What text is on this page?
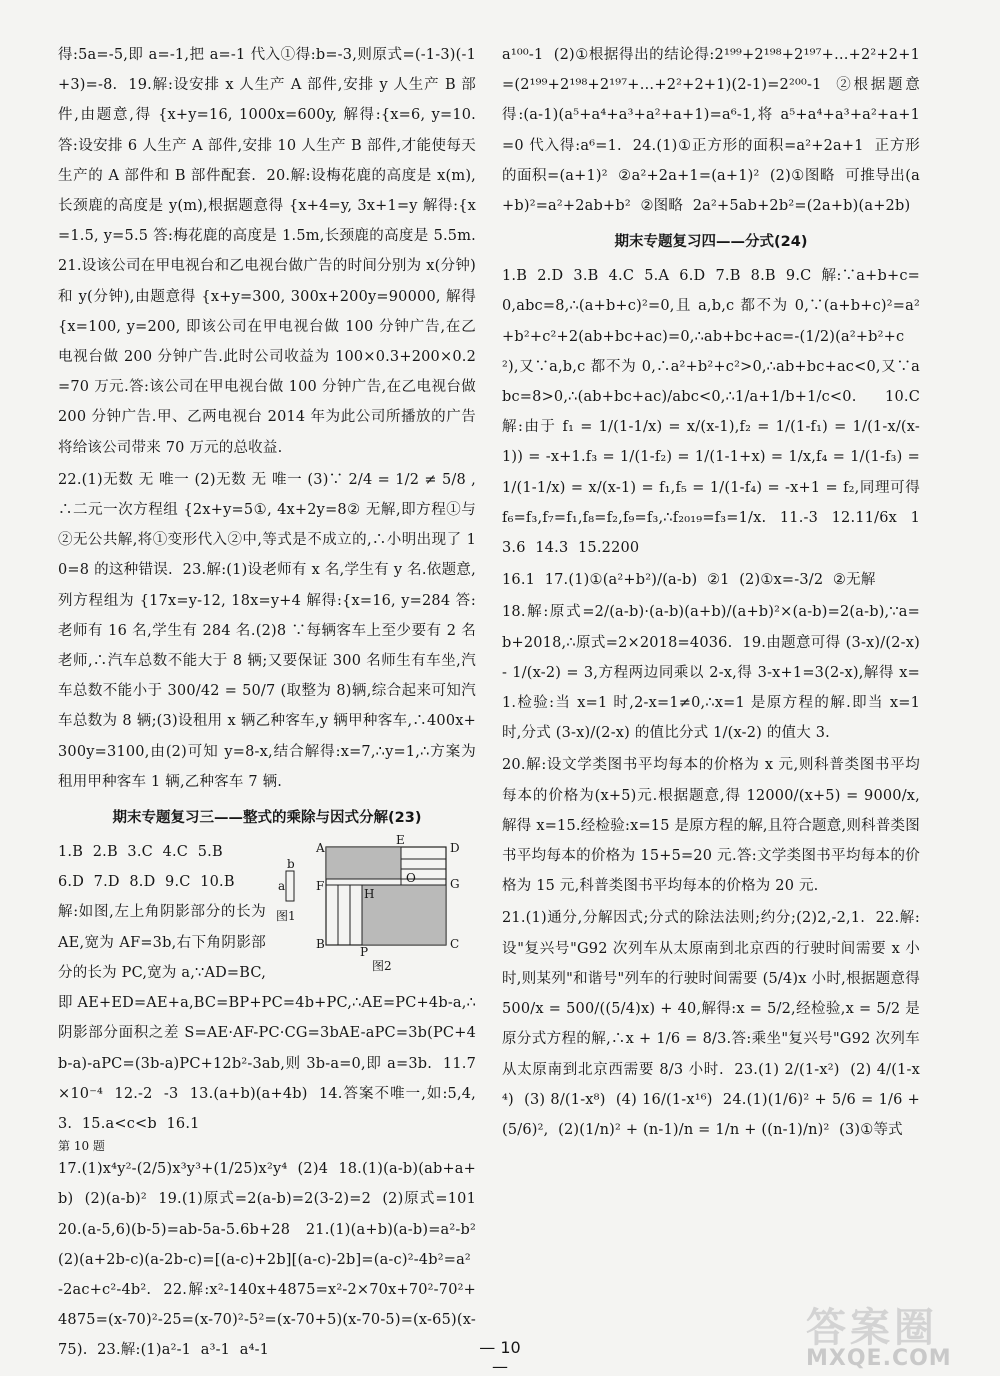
得:5a=-5,即 a=-1,把 a=-1 代入①得:b=-3,则原式=(-1-3)(-1+3)=-8.  19.解:设安排 x 人生产 A 部件,安排 y 人生产 B 部件,由题意,得 {x+y=16, 1000x=600y, 解得:{x=6, y=10. 答:设安排 6 人生产 A 部件,安排 10 人生产 B 部件,才能使每天生产的 A 部件和 B 部件配套.  20.解:设梅花鹿的高度是 x(m),长颈鹿的高度是 y(m),根据题意得 {x+4=y, 3x+1=y 解得:{x=1.5, y=5.5 答:梅花鹿的高度是 1.5m,长颈鹿的高度是 5.5m.  21.设该公司在甲电视台和乙电视台做广告的时间分别为 x(分钟)和 y(分钟),由题意得 {x+y=300, 300x+200y=90000, 解得 {x=100, y=200, 即该公司在甲电视台做 100 分钟广告,在乙电视台做 200 分钟广告.此时公司收益为 100×0.3+200×0.2=70 万元.答:该公司在甲电视台做 100 分钟广告,在乙电视台做 200 分钟广告.甲、乙两电视台 2014 年为此公司所播放的广告将给该公司带来 70 万元的总收益.

22.(1)无数 无 唯一 (2)无数 无 唯一 (3)∵ 2/4 = 1/2 ≠ 5/8 ,∴二元一次方程组 {2x+y=5①, 4x+2y=8② 无解,即方程①与②无公共解,将①变形代入②中,等式是不成立的,∴小明出现了 10=8 的这种错误.  23.解:(1)设老师有 x 名,学生有 y 名.依题意,列方程组为 {17x=y-12, 18x=y+4 解得:{x=16, y=284 答:老师有 16 名,学生有 284 名.(2)8 ∵每辆客车上至少要有 2 名老师,∴汽车总数不能大于 8 辆;又要保证 300 名师生有车坐,汽车总数不能小于 300/42 = 50/7 (取整为 8)辆,综合起来可知汽车总数为 8 辆;(3)设租用 x 辆乙种客车,y 辆甲种客车,∴400x+300y=3100,由(2)可知 y=8-x,结合解得:x=7,∴y=1,∴方案为租用甲种客车 1 辆,乙种客车 7 辆.

期末专题复习三——整式的乘除与因式分解(23)
a
b
A
E
D
F
O	G
H
B
P
C
图1
图2

1.B  2.B  3.C  4.C  5.B
6.D  7.D  8.D  9.C  10.B
解:如图,左上角阴影部分的长为 AE,宽为 AF=3b,右下角阴影部分的长为 PC,宽为 a,∵AD=BC,即 AE+ED=AE+a,BC=BP+PC=4b+PC,∴AE=PC+4b-a,∴阴影部分面积之差 S=AE·AF-PC·CG=3bAE-aPC=3b(PC+4b-a)-aPC=(3b-a)PC+12b²-3ab,则 3b-a=0,即 a=3b.  11.7×10⁻⁴  12.-2  -3  13.(a+b)(a+4b)  14.答案不唯一,如:5,4,3.  15.a<c<b  16.1

第 10 题

17.(1)x⁴y²-(2/5)x³y³+(1/25)x²y⁴  (2)4  18.(1)(a-b)(ab+a+b)  (2)(a-b)²  19.(1)原式=2(a-b)=2(3-2)=2  (2)原式=101  20.(a-5,6)(b-5)=ab-5a-5.6b+28  21.(1)(a+b)(a-b)=a²-b²  (2)(a+2b-c)(a-2b-c)=[(a-c)+2b][(a-c)-2b]=(a-c)²-4b²=a²-2ac+c²-4b².  22.解:x²-140x+4875=x²-2×70x+70²-70²+4875=(x-70)²-25=(x-70)²-5²=(x-70+5)(x-70-5)=(x-65)(x-75).  23.解:(1)a²-1  a³-1  a⁴-1

a¹⁰⁰-1  (2)①根据得出的结论得:2¹⁹⁹+2¹⁹⁸+2¹⁹⁷+…+2²+2+1=(2¹⁹⁹+2¹⁹⁸+2¹⁹⁷+…+2²+2+1)(2-1)=2²⁰⁰-1  ②根据题意得:(a-1)(a⁵+a⁴+a³+a²+a+1)=a⁶-1,将 a⁵+a⁴+a³+a²+a+1=0 代入得:a⁶=1.  24.(1)①正方形的面积=a²+2a+1  正方形的面积=(a+1)²  ②a²+2a+1=(a+1)²  (2)①图略  可推导出(a+b)²=a²+2ab+b²  ②图略  2a²+5ab+2b²=(2a+b)(a+2b)

期末专题复习四——分式(24)

1.B  2.D  3.B  4.C  5.A  6.D  7.B  8.B  9.C  解:∵a+b+c=0,abc=8,∴(a+b+c)²=0,且 a,b,c 都不为 0,∵(a+b+c)²=a²+b²+c²+2(ab+bc+ac)=0,∴ab+bc+ac=-(1/2)(a²+b²+c²),又∵a,b,c 都不为 0,∴a²+b²+c²>0,∴ab+bc+ac<0,又∵abc=8>0,∴(ab+bc+ac)/abc<0,∴1/a+1/b+1/c<0.  10.C  解:由于 f₁ = 1/(1-1/x) = x/(x-1),f₂ = 1/(1-f₁) = 1/(1-x/(x-1)) = -x+1.f₃ = 1/(1-f₂) = 1/(1-1+x) = 1/x,f₄ = 1/(1-f₃) = 1/(1-1/x) = x/(x-1) = f₁,f₅ = 1/(1-f₄) = -x+1 = f₂,同理可得 f₆=f₃,f₇=f₁,f₈=f₂,f₉=f₃,∴f₂₀₁₉=f₃=1/x.  11.-3  12.11/6x  13.6  14.3  15.2200

16.1  17.(1)①(a²+b²)/(a-b)  ②1  (2)①x=-3/2  ②无解

18.解:原式=2/(a-b)·(a-b)(a+b)/(a+b)²×(a-b)=2(a-b),∵a=b+2018,∴原式=2×2018=4036.  19.由题意可得 (3-x)/(2-x) - 1/(x-2) = 3,方程两边同乘以 2-x,得 3-x+1=3(2-x),解得 x=1.检验:当 x=1 时,2-x=1≠0,∴x=1 是原方程的解.即当 x=1 时,分式 (3-x)/(2-x) 的值比分式 1/(x-2) 的值大 3.

20.解:设文学类图书平均每本的价格为 x 元,则科普类图书平均每本的价格为(x+5)元.根据题意,得 12000/(x+5) = 9000/x,解得 x=15.经检验:x=15 是原方程的解,且符合题意,则科普类图书平均每本的价格为 15+5=20 元.答:文学类图书平均每本的价格为 15 元,科普类图书平均每本的价格为 20 元.

21.(1)通分,分解因式;分式的除法法则;约分;(2)2,-2,1.  22.解:设"复兴号"G92 次列车从太原南到北京西的行驶时间需要 x 小时,则某列"和谐号"列车的行驶时间需要 (5/4)x 小时,根据题意得 500/x = 500/((5/4)x) + 40,解得:x = 5/2,经检验,x = 5/2 是原分式方程的解,∴x + 1/6 = 8/3.答:乘坐"复兴号"G92 次列车从太原南到北京西需要 8/3 小时.  23.(1) 2/(1-x²)  (2) 4/(1-x⁴)  (3) 8/(1-x⁸)  (4) 16/(1-x¹⁶)  24.(1)(1/6)² + 5/6 = 1/6 + (5/6)²,  (2)(1/n)² + (n-1)/n = 1/n + ((n-1)/n)²  (3)①等式

— 10 —
答案圈
MXQE.COM
